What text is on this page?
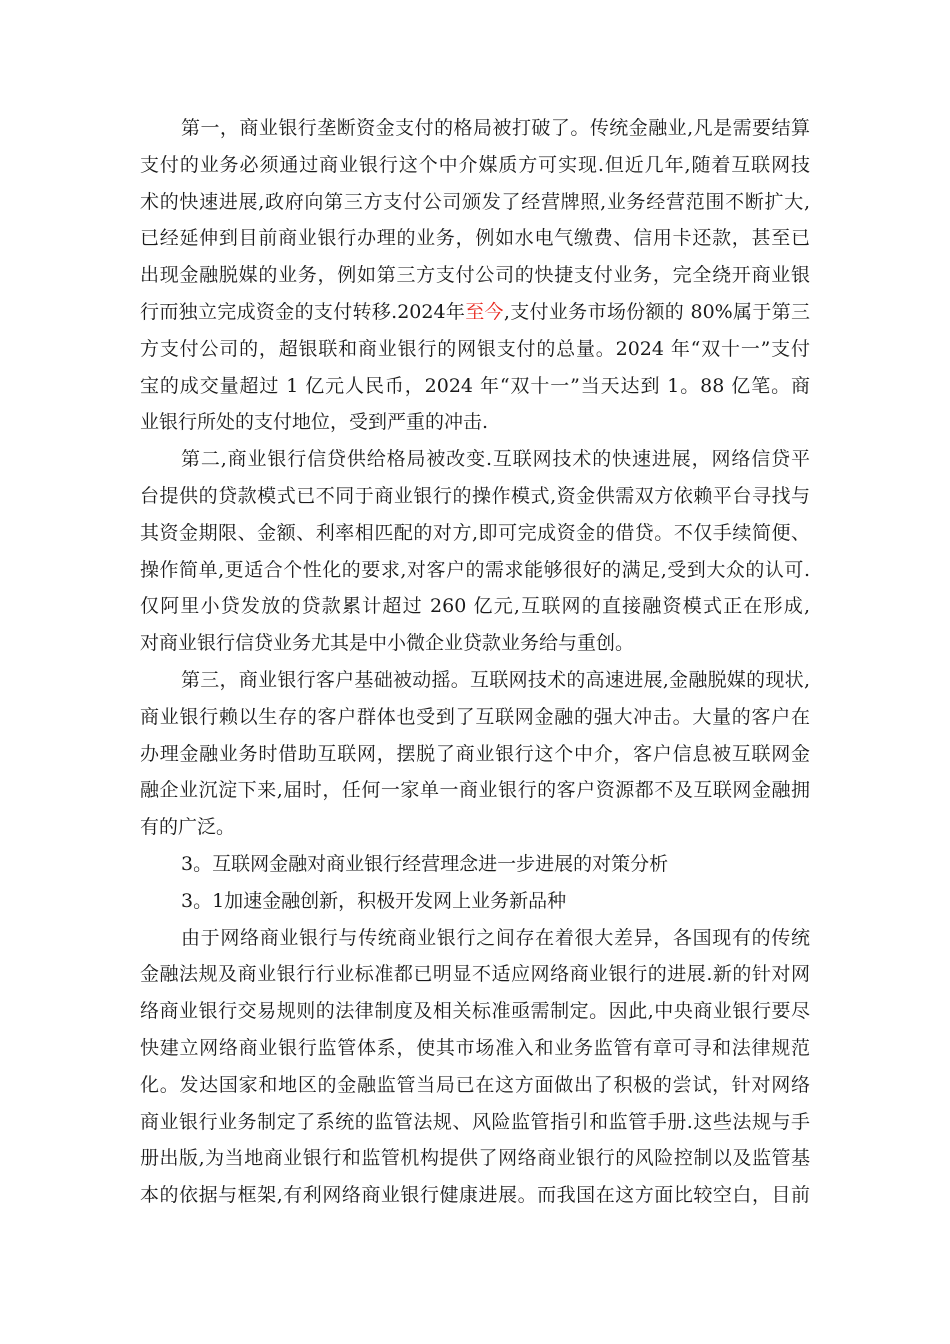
第一，商业银行垄断资金支付的格局被打破了。传统金融业,凡是需要结算
支付的业务必须通过商业银行这个中介媒质方可实现.但近几年,随着互联网技
术的快速进展,政府向第三方支付公司颁发了经营牌照,业务经营范围不断扩大,
已经延伸到目前商业银行办理的业务，例如水电气缴费、信用卡还款，甚至已
出现金融脱媒的业务，例如第三方支付公司的快捷支付业务，完全绕开商业银
行而独立完成资金的支付转移.2024年至今,支付业务市场份额的 80%属于第三
方支付公司的，超银联和商业银行的网银支付的总量。2024 年“双十一”支付
宝的成交量超过 1 亿元人民币，2024 年“双十一”当天达到 1。88 亿笔。商
业银行所处的支付地位，受到严重的冲击.
第二,商业银行信贷供给格局被改变.互联网技术的快速进展，网络信贷平
台提供的贷款模式已不同于商业银行的操作模式,资金供需双方依赖平台寻找与
其资金期限、金额、利率相匹配的对方,即可完成资金的借贷。不仅手续简便、
操作简单,更适合个性化的要求,对客户的需求能够很好的满足,受到大众的认可.
仅阿里小贷发放的贷款累计超过 260 亿元,互联网的直接融资模式正在形成,
对商业银行信贷业务尤其是中小微企业贷款业务给与重创。
第三，商业银行客户基础被动摇。互联网技术的高速进展,金融脱媒的现状,
商业银行赖以生存的客户群体也受到了互联网金融的强大冲击。大量的客户在
办理金融业务时借助互联网，摆脱了商业银行这个中介，客户信息被互联网金
融企业沉淀下来,届时，任何一家单一商业银行的客户资源都不及互联网金融拥
有的广泛。
3。互联网金融对商业银行经营理念进一步进展的对策分析
3。1加速金融创新，积极开发网上业务新品种
由于网络商业银行与传统商业银行之间存在着很大差异，各国现有的传统
金融法规及商业银行行业标准都已明显不适应网络商业银行的进展.新的针对网
络商业银行交易规则的法律制度及相关标准亟需制定。因此,中央商业银行要尽
快建立网络商业银行监管体系，使其市场准入和业务监管有章可寻和法律规范
化。发达国家和地区的金融监管当局已在这方面做出了积极的尝试，针对网络
商业银行业务制定了系统的监管法规、风险监管指引和监管手册.这些法规与手
册出版,为当地商业银行和监管机构提供了网络商业银行的风险控制以及监管基
本的依据与框架,有利网络商业银行健康进展。而我国在这方面比较空白，目前
